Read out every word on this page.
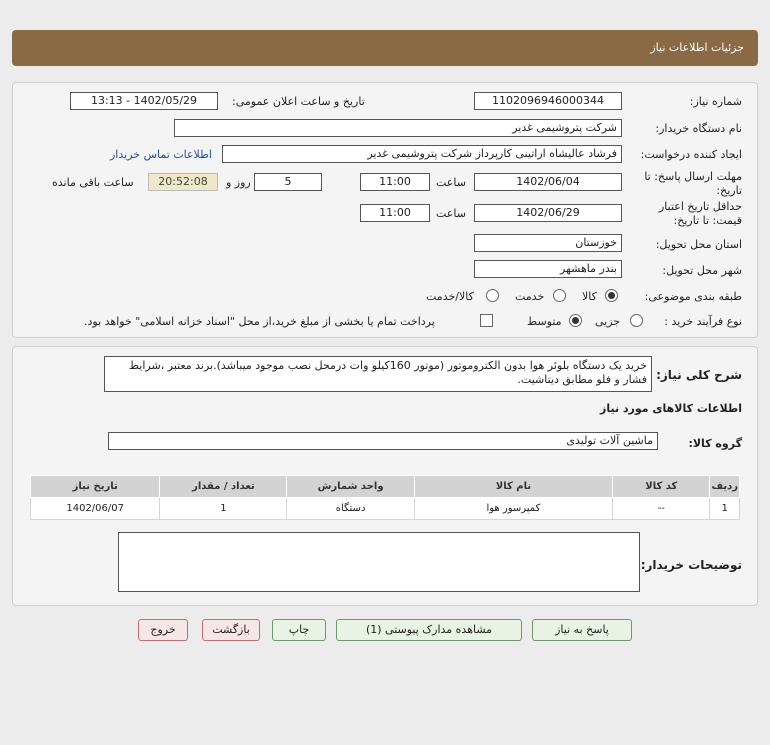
جزئيات اطلاعات نياز
شماره نیاز:
1102096946000344
تاریخ و ساعت اعلان عمومی:
1402/05/29 - 13:13
نام دستگاه خریدار:
شرکت پتروشیمی غدیر
ایجاد کننده درخواست:
فرشاد عالیشاه اراتینی کارپرداز شرکت پتروشیمی غدیر
اطلاعات تماس خریدار
مهلت ارسال پاسخ: تا تاریخ:
1402/06/04
ساعت
11:00
5
روز و
20:52:08
ساعت باقی مانده
حداقل تاریخ اعتبار قیمت: تا تاریخ:
1402/06/29
ساعت
11:00
استان محل تحویل:
خوزستان
شهر محل تحویل:
بندر ماهشهر
طبقه بندی موضوعی:
کالا
خدمت
کالا/خدمت
نوع فرآیند خرید :
جزیی
متوسط
پرداخت تمام یا بخشی از مبلغ خرید،از محل "اسناد خزانه اسلامی" خواهد بود.
شرح کلی نیاز:
خرید یک دستگاه بلوئر هوا بدون الکتروموتور (موتور 160کیلو وات درمحل نصب موجود میباشد).برند معتبر ،شرایط فشار و فلو مطابق دیتاشیت.
اطلاعات کالاهای مورد نیاز
گروه کالا:
ماشین آلات تولیدی
ردیف	کد کالا	نام کالا	واحد شمارش	تعداد / مقدار	تاریخ نیاز
1	--	کمپرسور هوا	دستگاه	1	1402/06/07
توضیحات خریدار:
پاسخ به نیاز
مشاهده مدارک پیوستی (1)
چاپ
بازگشت
خروج
